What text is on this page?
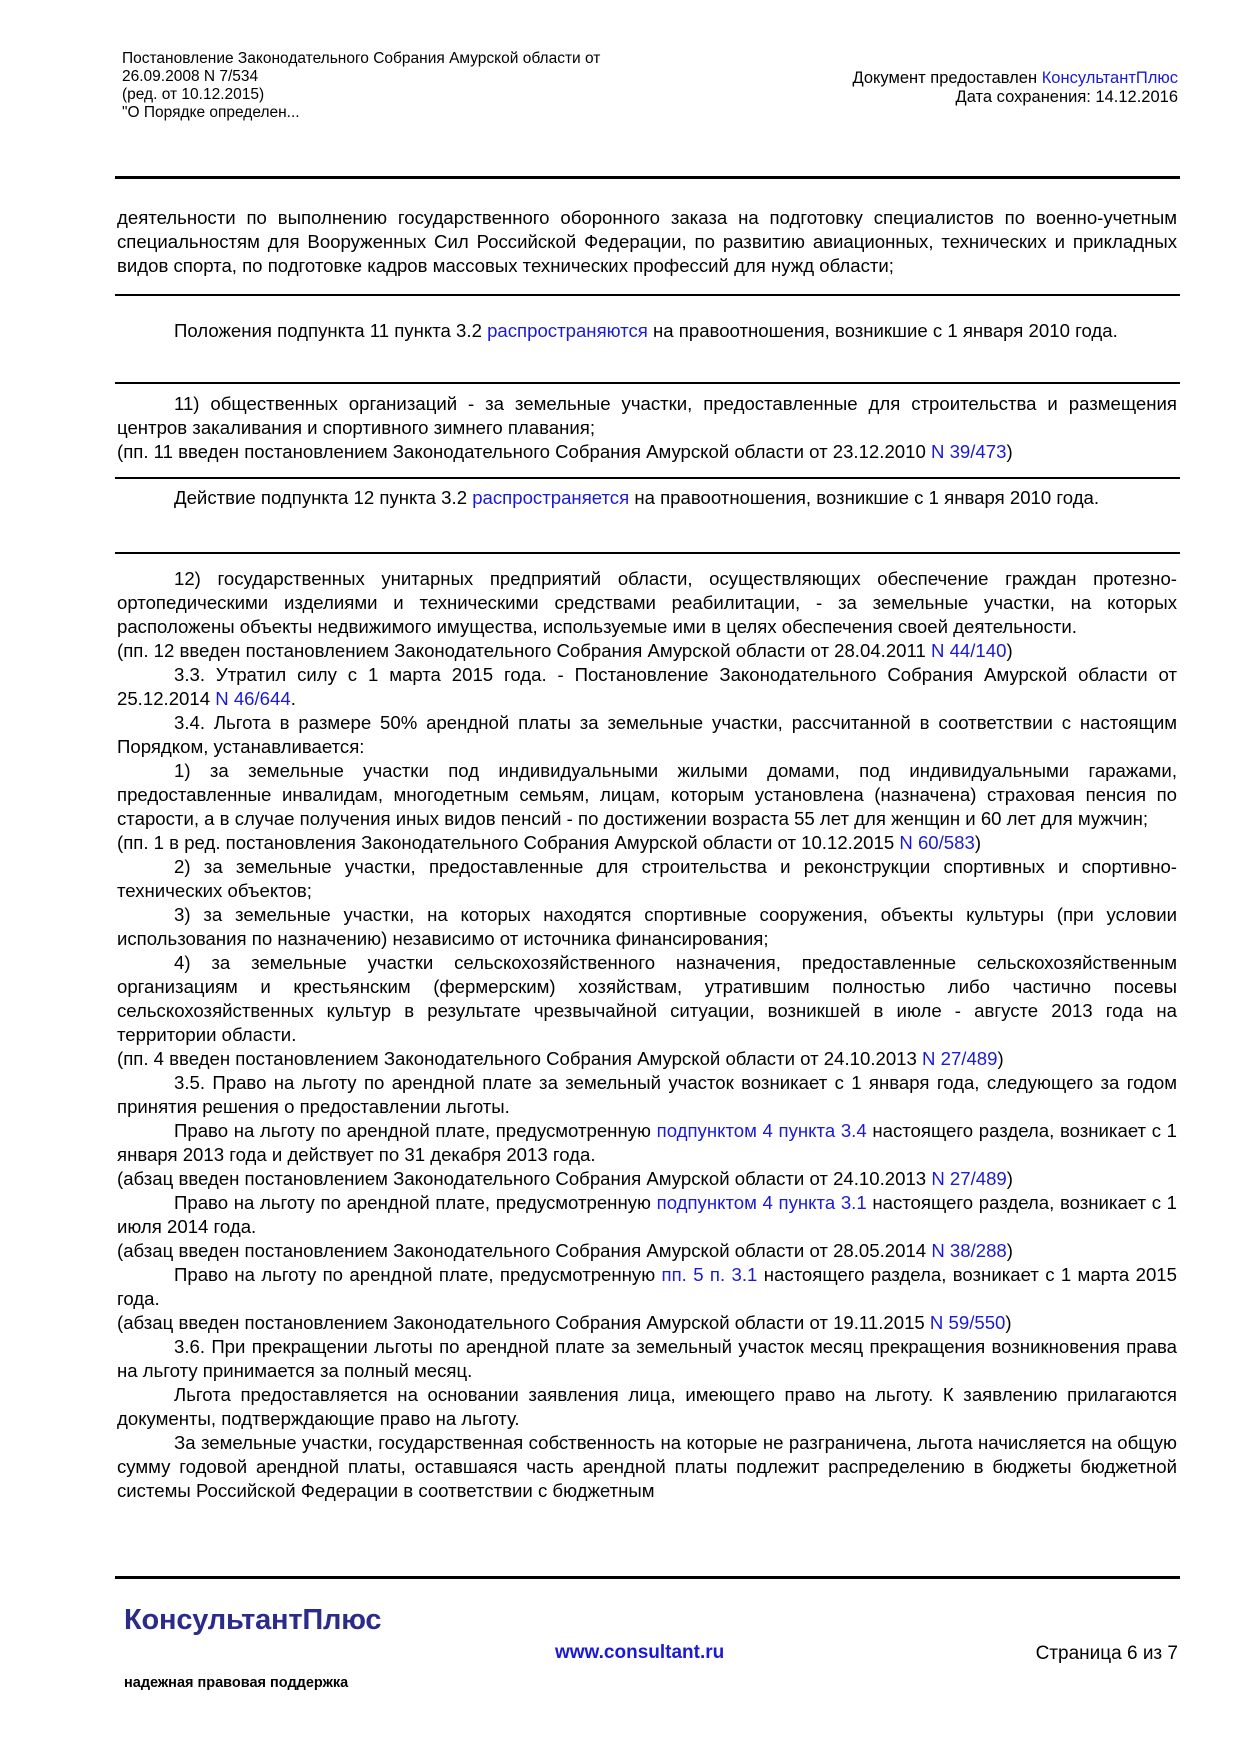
Постановление Законодательного Собрания Амурской области от
26.09.2008 N 7/534
(ред. от 10.12.2015)
"О Порядке определен...
Документ предоставлен КонсультантПлюс
Дата сохранения: 14.12.2016

деятельности по выполнению государственного оборонного заказа на подготовку специалистов по военно-учетным специальностям для Вооруженных Сил Российской Федерации, по развитию авиационных, технических и прикладных видов спорта, по подготовке кадров массовых технических профессий для нужд области;

Положения подпункта 11 пункта 3.2 распространяются на правоотношения, возникшие с 1 января 2010 года.

11) общественных организаций - за земельные участки, предоставленные для строительства и размещения центров закаливания и спортивного зимнего плавания;

(пп. 11 введен постановлением Законодательного Собрания Амурской области от 23.12.2010 N 39/473)

Действие подпункта 12 пункта 3.2 распространяется на правоотношения, возникшие с 1 января 2010 года.

12) государственных унитарных предприятий области, осуществляющих обеспечение граждан протезно-ортопедическими изделиями и техническими средствами реабилитации, - за земельные участки, на которых расположены объекты недвижимого имущества, используемые ими в целях обеспечения своей деятельности.

(пп. 12 введен постановлением Законодательного Собрания Амурской области от 28.04.2011 N 44/140)

3.3. Утратил силу с 1 марта 2015 года. - Постановление Законодательного Собрания Амурской области от 25.12.2014 N 46/644.

3.4. Льгота в размере 50% арендной платы за земельные участки, рассчитанной в соответствии с настоящим Порядком, устанавливается:

1) за земельные участки под индивидуальными жилыми домами, под индивидуальными гаражами, предоставленные инвалидам, многодетным семьям, лицам, которым установлена (назначена) страховая пенсия по старости, а в случае получения иных видов пенсий - по достижении возраста 55 лет для женщин и 60 лет для мужчин;

(пп. 1 в ред. постановления Законодательного Собрания Амурской области от 10.12.2015 N 60/583)

2) за земельные участки, предоставленные для строительства и реконструкции спортивных и спортивно-технических объектов;

3) за земельные участки, на которых находятся спортивные сооружения, объекты культуры (при условии использования по назначению) независимо от источника финансирования;

4) за земельные участки сельскохозяйственного назначения, предоставленные сельскохозяйственным организациям и крестьянским (фермерским) хозяйствам, утратившим полностью либо частично посевы сельскохозяйственных культур в результате чрезвычайной ситуации, возникшей в июле - августе 2013 года на территории области.

(пп. 4 введен постановлением Законодательного Собрания Амурской области от 24.10.2013 N 27/489)

3.5. Право на льготу по арендной плате за земельный участок возникает с 1 января года, следующего за годом принятия решения о предоставлении льготы.

Право на льготу по арендной плате, предусмотренную подпунктом 4 пункта 3.4 настоящего раздела, возникает с 1 января 2013 года и действует по 31 декабря 2013 года.

(абзац введен постановлением Законодательного Собрания Амурской области от 24.10.2013 N 27/489)

Право на льготу по арендной плате, предусмотренную подпунктом 4 пункта 3.1 настоящего раздела, возникает с 1 июля 2014 года.

(абзац введен постановлением Законодательного Собрания Амурской области от 28.05.2014 N 38/288)

Право на льготу по арендной плате, предусмотренную пп. 5 п. 3.1 настоящего раздела, возникает с 1 марта 2015 года.

(абзац введен постановлением Законодательного Собрания Амурской области от 19.11.2015 N 59/550)

3.6. При прекращении льготы по арендной плате за земельный участок месяц прекращения возникновения права на льготу принимается за полный месяц.

Льгота предоставляется на основании заявления лица, имеющего право на льготу. К заявлению прилагаются документы, подтверждающие право на льготу.

За земельные участки, государственная собственность на которые не разграничена, льгота начисляется на общую сумму годовой арендной платы, оставшаяся часть арендной платы подлежит распределению в бюджеты бюджетной системы Российской Федерации в соответствии с бюджетным

КонсультантПлюс
надежная правовая поддержка
www.consultant.ru	Страница 6 из 7
